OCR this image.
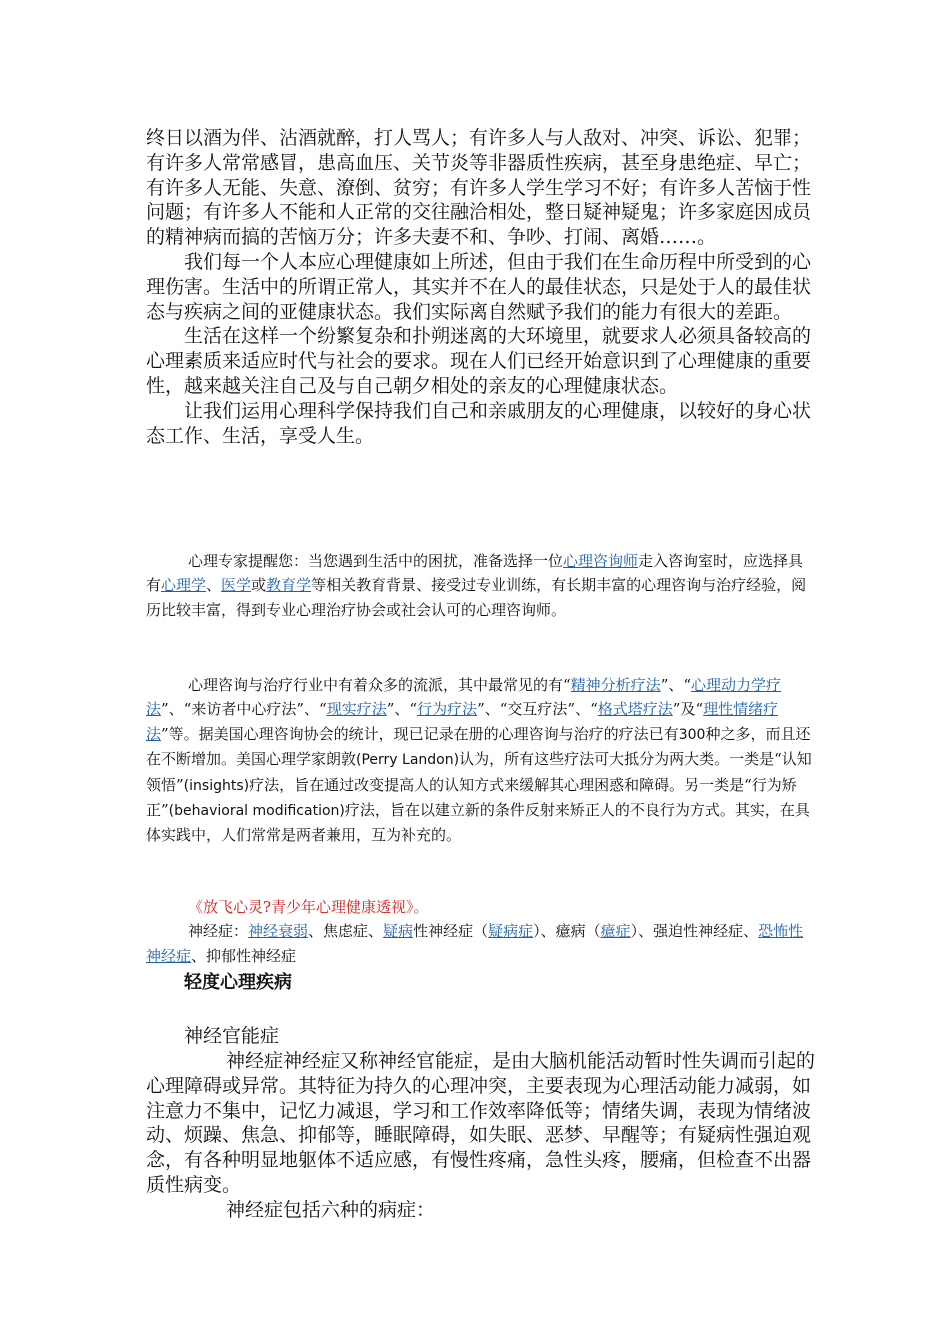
终日以酒为伴、沾酒就醉，打人骂人；有许多人与人敌对、冲突、诉讼、犯罪；有许多人常常感冒，患高血压、关节炎等非器质性疾病，甚至身患绝症、早亡；有许多人无能、失意、潦倒、贫穷；有许多人学生学习不好；有许多人苦恼于性问题；有许多人不能和人正常的交往融洽相处，整日疑神疑鬼；许多家庭因成员的精神病而搞的苦恼万分；许多夫妻不和、争吵、打闹、离婚……。

我们每一个人本应心理健康如上所述，但由于我们在生命历程中所受到的心理伤害。生活中的所谓正常人，其实并不在人的最佳状态，只是处于人的最佳状态与疾病之间的亚健康状态。我们实际离自然赋予我们的能力有很大的差距。

生活在这样一个纷繁复杂和扑朔迷离的大环境里，就要求人必须具备较高的心理素质来适应时代与社会的要求。现在人们已经开始意识到了心理健康的重要性，越来越关注自己及与自己朝夕相处的亲友的心理健康状态。

让我们运用心理科学保持我们自己和亲戚朋友的心理健康，以较好的身心状态工作、生活，享受人生。

心理专家提醒您：当您遇到生活中的困扰，准备选择一位心理咨询师走入咨询室时，应选择具有心理学、医学或教育学等相关教育背景、接受过专业训练，有长期丰富的心理咨询与治疗经验，阅历比较丰富，得到专业心理治疗协会或社会认可的心理咨询师。

心理咨询与治疗行业中有着众多的流派，其中最常见的有“精神分析疗法”、“心理动力学疗法”、“来访者中心疗法”、“现实疗法”、“行为疗法”、“交互疗法”、“格式塔疗法”及“理性情绪疗法”等。据美国心理咨询协会的统计，现已记录在册的心理咨询与治疗的疗法已有300种之多，而且还在不断增加。美国心理学家朗敦(Perry Landon)认为，所有这些疗法可大抵分为两大类。一类是“认知领悟”(insights)疗法，旨在通过改变提高人的认知方式来缓解其心理困惑和障碍。另一类是“行为矫正”(behavioral modification)疗法，旨在以建立新的条件反射来矫正人的不良行为方式。其实，在具体实践中，人们常常是两者兼用，互为补充的。

《放飞心灵?青少年心理健康透视》。

神经症：神经衰弱、焦虑症、疑病性神经症（疑病症）、癔病（癔症）、强迫性神经症、恐怖性神经症、抑郁性神经症

轻度心理疾病

神经官能症

神经症神经症又称神经官能症，是由大脑机能活动暂时性失调而引起的心理障碍或异常。其特征为持久的心理冲突，主要表现为心理活动能力减弱，如注意力不集中，记忆力减退，学习和工作效率降低等；情绪失调，表现为情绪波动、烦躁、焦急、抑郁等，睡眠障碍，如失眠、恶梦、早醒等；有疑病性强迫观念，有各种明显地躯体不适应感，有慢性疼痛，急性头疼，腰痛，但检查不出器质性病变。

神经症包括六种的病症：
